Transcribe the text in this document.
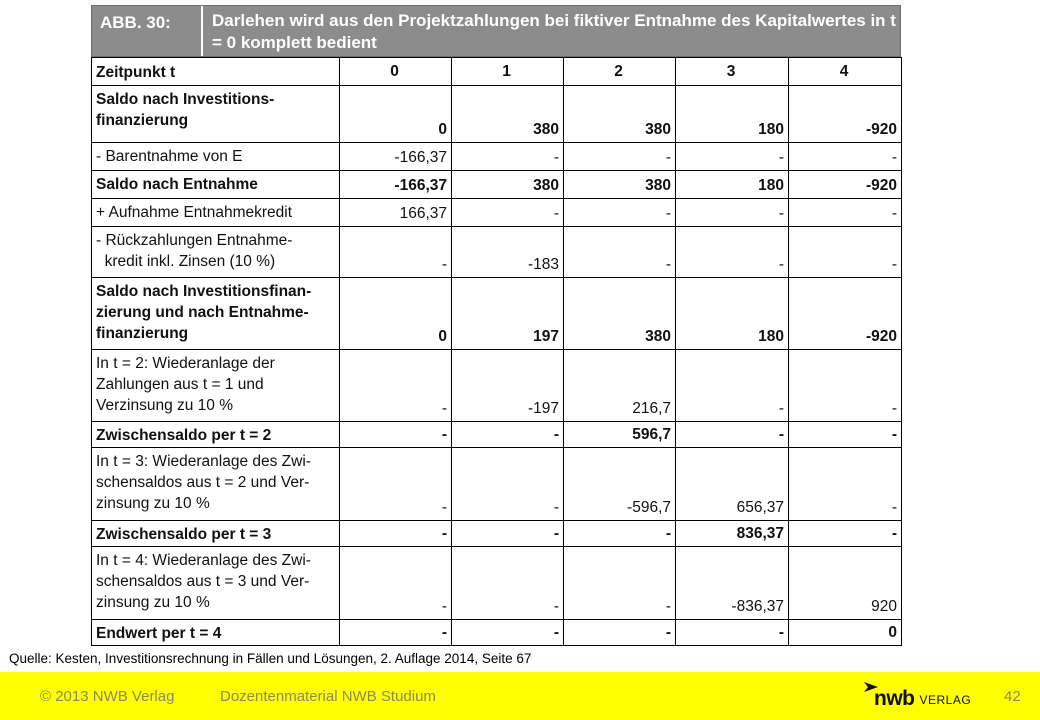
ABB. 30:	Darlehen wird aus den Projektzahlungen bei fiktiver Entnahme des Kapitalwertes in t = 0 komplett bedient
Zeitpunkt t	0	1	2	3	4
Saldo nach Investitions-
finanzierung	0	380	380	180	-920
- Barentnahme von E	-166,37	-	-	-	-
Saldo nach Entnahme	-166,37	380	380	180	-920
+ Aufnahme Entnahmekredit	166,37	-	-	-	-
- Rückzahlungen Entnahme-
kredit inkl. Zinsen (10 %)	-	-183	-	-	-
Saldo nach Investitionsfinan-
zierung und nach Entnahme-
finanzierung	0	197	380	180	-920
In t = 2: Wiederanlage der
Zahlungen aus t = 1 und
Verzinsung zu 10 %	-	-197	216,7	-	-
Zwischensaldo per t = 2	-	-	596,7	-	-
In t = 3: Wiederanlage des Zwi-
schensaldos aus t = 2 und Ver-
zinsung zu 10 %	-	-	-596,7	656,37	-
Zwischensaldo per t = 3	-	-	-	836,37	-
In t = 4: Wiederanlage des Zwi-
schensaldos aus t = 3 und Ver-
zinsung zu 10 %	-	-	-	-836,37	920
Endwert per t = 4	-	-	-	-	0
Quelle: Kesten, Investitionsrechnung in Fällen und Lösungen, 2. Auflage 2014, Seite 67
© 2013 NWB Verlag	Dozentenmaterial NWB Studium	nwb VERLAG 42
